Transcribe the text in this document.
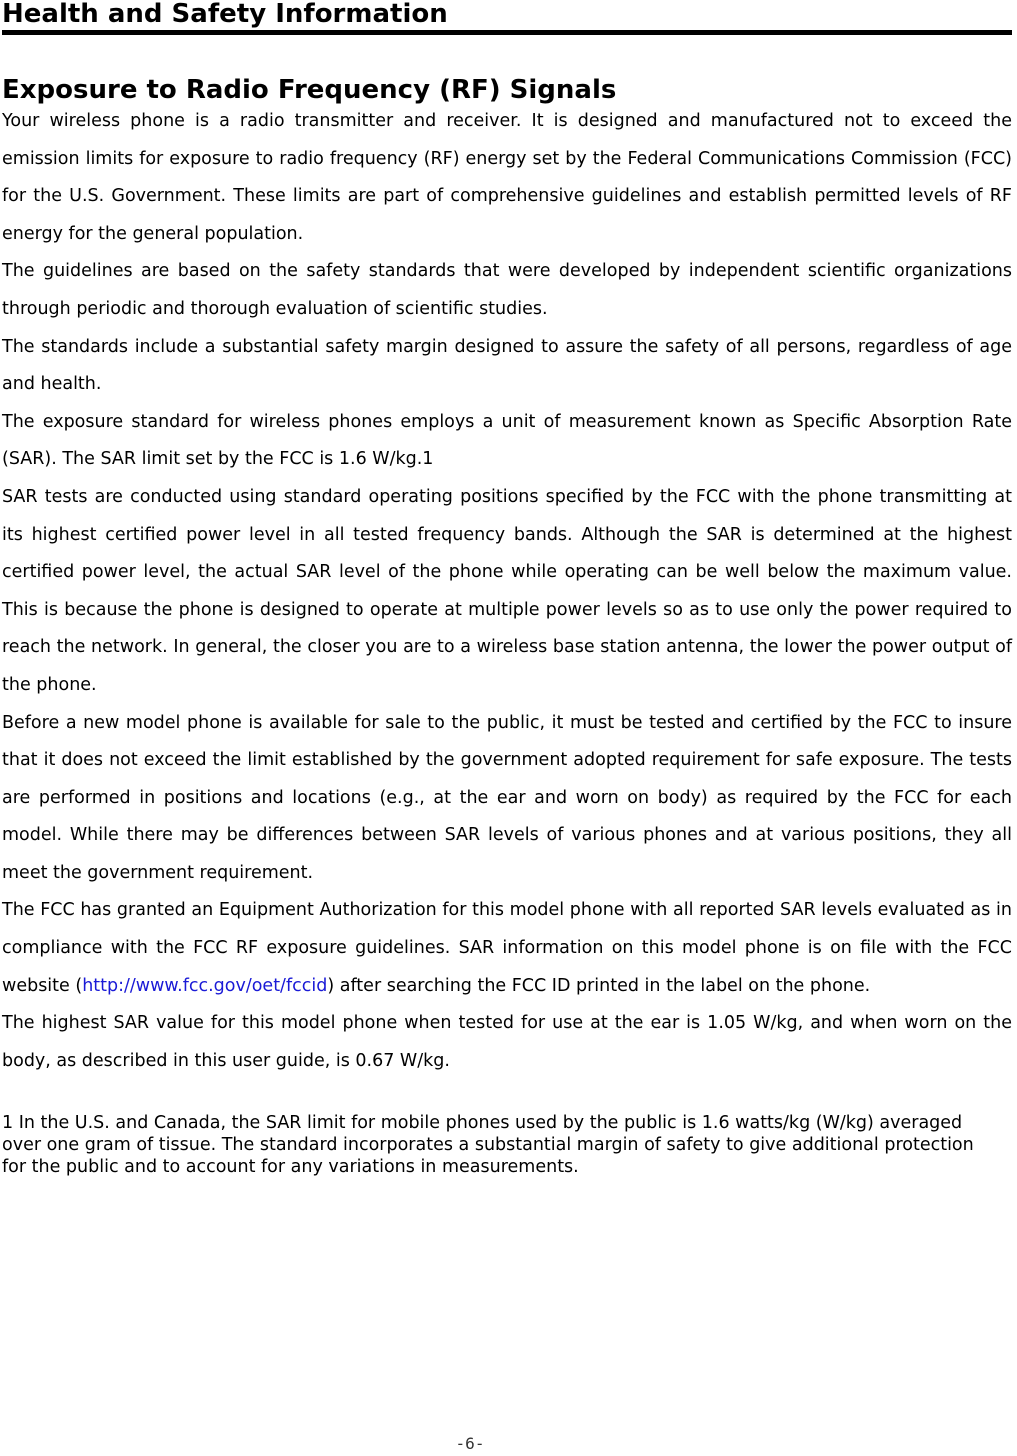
Health and Safety Information
Exposure to Radio Frequency (RF) Signals

Your wireless phone is a radio transmitter and receiver. It is designed and manufactured not to exceed the emission limits for exposure to radio frequency (RF) energy set by the Federal Communications Commission (FCC) for the U.S. Government. These limits are part of comprehensive guidelines and establish permitted levels of RF energy for the general population.

The guidelines are based on the safety standards that were developed by independent scientific organizations through periodic and thorough evaluation of scientific studies.

The standards include a substantial safety margin designed to assure the safety of all persons, regardless of age and health.

The exposure standard for wireless phones employs a unit of measurement known as Specific Absorption Rate (SAR). The SAR limit set by the FCC is 1.6 W/kg.1

SAR tests are conducted using standard operating positions specified by the FCC with the phone transmitting at its highest certified power level in all tested frequency bands. Although the SAR is determined at the highest certified power level, the actual SAR level of the phone while operating can be well below the maximum value. This is because the phone is designed to operate at multiple power levels so as to use only the power required to reach the network. In general, the closer you are to a wireless base station antenna, the lower the power output of the phone.

Before a new model phone is available for sale to the public, it must be tested and certified by the FCC to insure that it does not exceed the limit established by the government adopted requirement for safe exposure. The tests are performed in positions and locations (e.g., at the ear and worn on body) as required by the FCC for each model. While there may be differences between SAR levels of various phones and at various positions, they all meet the government requirement.

The FCC has granted an Equipment Authorization for this model phone with all reported SAR levels evaluated as in compliance with the FCC RF exposure guidelines. SAR information on this model phone is on file with the FCC website (http://www.fcc.gov/oet/fccid) after searching the FCC ID printed in the label on the phone.

The highest SAR value for this model phone when tested for use at the ear is 1.05 W/kg, and when worn on the body, as described in this user guide, is 0.67 W/kg.

1 In the U.S. and Canada, the SAR limit for mobile phones used by the public is 1.6 watts/kg (W/kg) averaged over one gram of tissue. The standard incorporates a substantial margin of safety to give additional protection for the public and to account for any variations in measurements.
-6-
